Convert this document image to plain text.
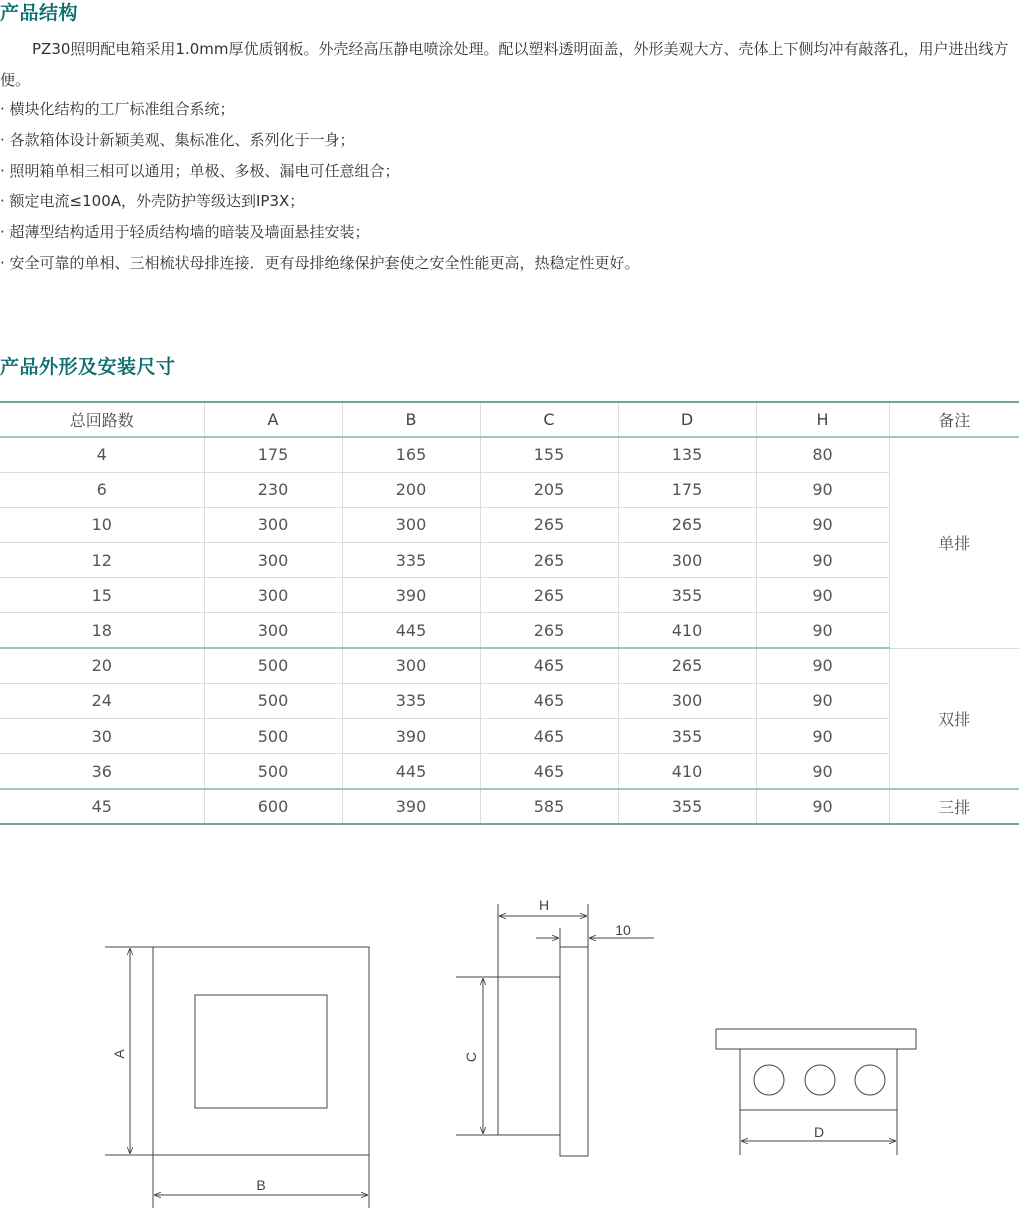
产品结构

PZ30照明配电箱采用1.0mm厚优质钢板。外壳经高压静电喷涂处理。配以塑料透明面盖，外形美观大方、壳体上下侧均冲有敲落孔，用户进出线方便。

· 横块化结构的工厂标准组合系统；
· 各款箱体设计新颖美观、集标准化、系列化于一身；
· 照明箱单相三相可以通用；单极、多极、漏电可任意组合；
· 额定电流≤100A，外壳防护等级达到IP3X；
· 超薄型结构适用于轻质结构墙的暗装及墙面悬挂安装；
· 安全可靠的单相、三相梳状母排连接．更有母排绝缘保护套使之安全性能更高，热稳定性更好。
产品外形及安装尺寸
总回路数	A	B	C	D	H	备注
4	175	165	155	135	80	单排
6	230	200	205	175	90	
10	300	300	265	265	90	
12	300	335	265	300	90	
15	300	390	265	355	90	
18	300	445	265	410	90	
20	500	300	465	265	90	双排
24	500	335	465	300	90	
30	500	390	465	355	90	
36	500	445	465	410	90	
45	600	390	585	355	90	三排
A
B
H
10
C
D
